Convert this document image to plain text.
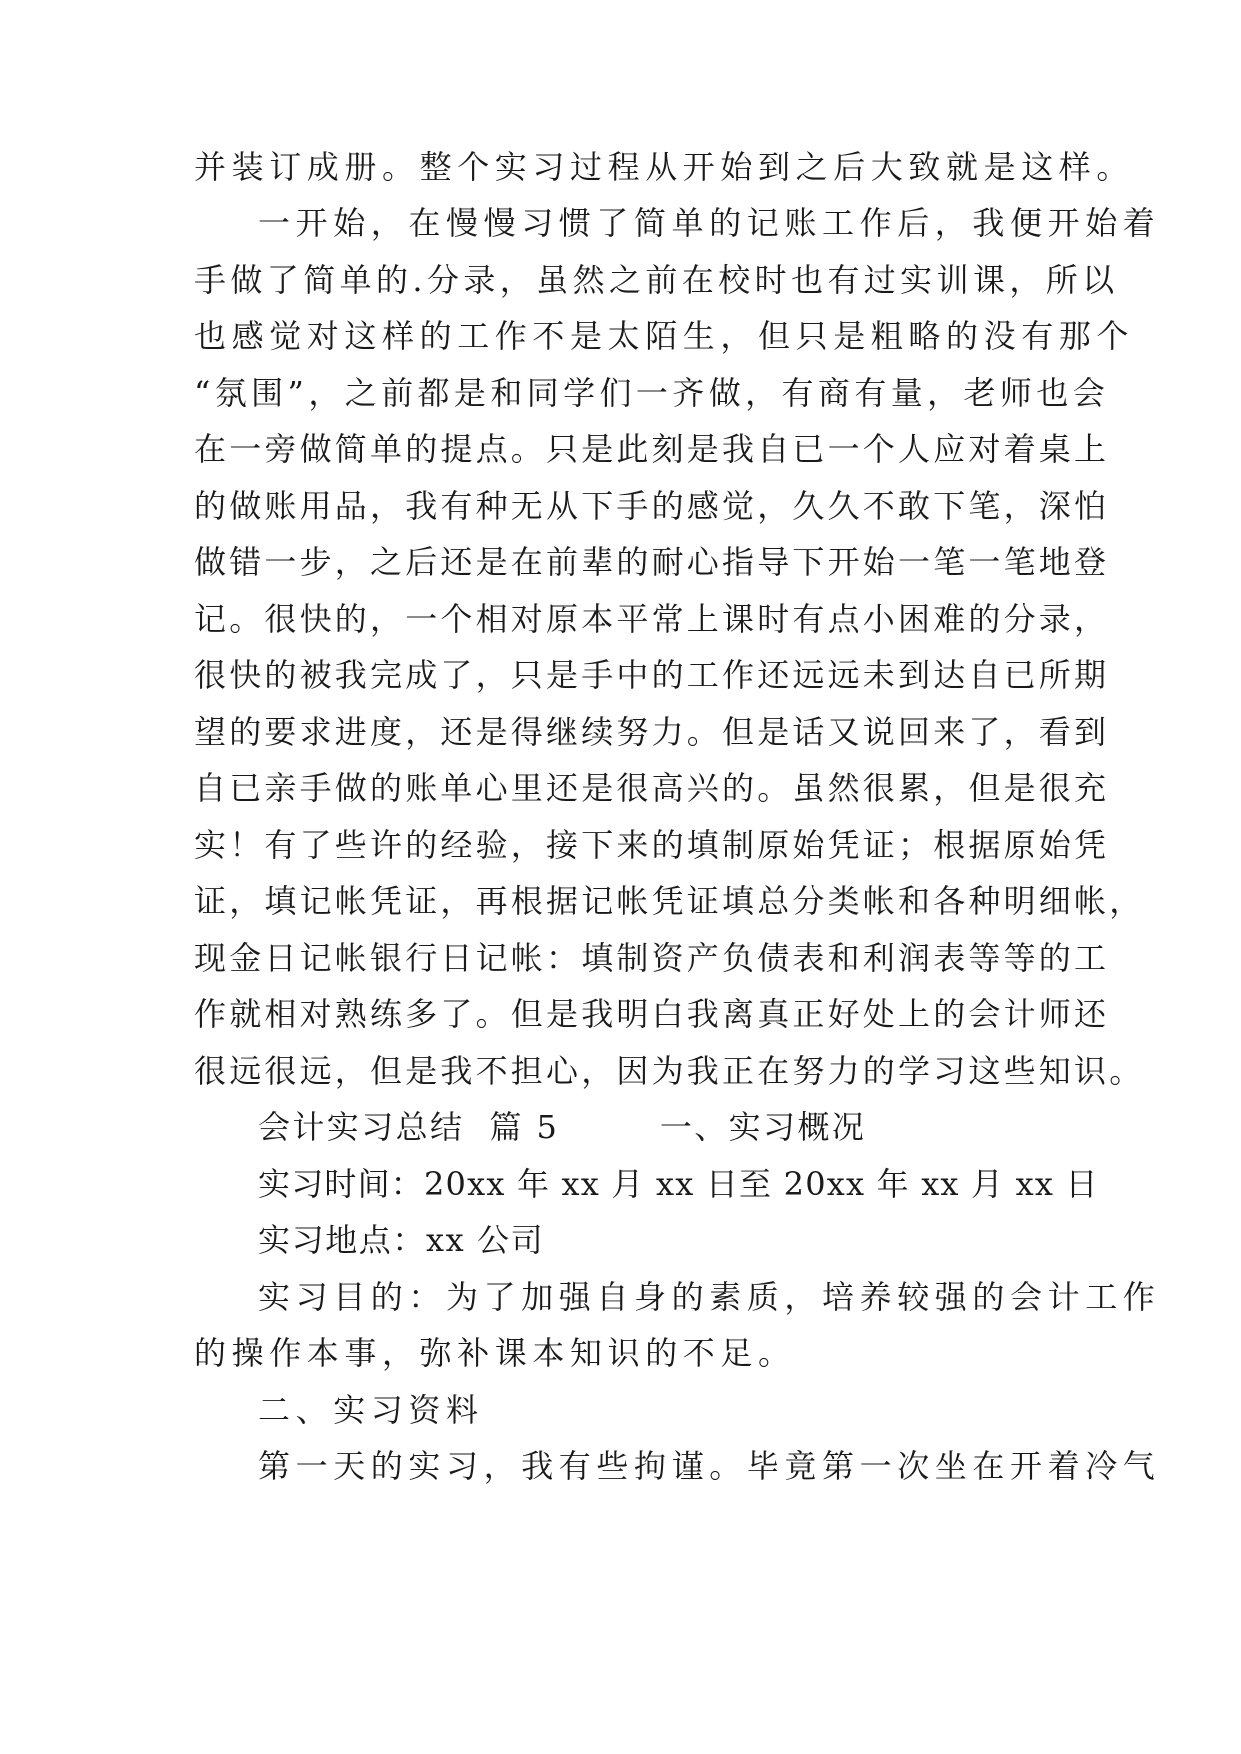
并装订成册。整个实习过程从开始到之后大致就是这样。
一开始，在慢慢习惯了简单的记账工作后，我便开始着
手做了简单的.分录，虽然之前在校时也有过实训课，所以
也感觉对这样的工作不是太陌生，但只是粗略的没有那个
“氛围”，之前都是和同学们一齐做，有商有量，老师也会
在一旁做简单的提点。只是此刻是我自已一个人应对着桌上
的做账用品，我有种无从下手的感觉，久久不敢下笔，深怕
做错一步，之后还是在前辈的耐心指导下开始一笔一笔地登
记。很快的，一个相对原本平常上课时有点小困难的分录，
很快的被我完成了，只是手中的工作还远远未到达自已所期
望的要求进度，还是得继续努力。但是话又说回来了，看到
自已亲手做的账单心里还是很高兴的。虽然很累，但是很充
实！有了些许的经验，接下来的填制原始凭证；根据原始凭
证，填记帐凭证，再根据记帐凭证填总分类帐和各种明细帐，
现金日记帐银行日记帐：填制资产负债表和利润表等等的工
作就相对熟练多了。但是我明白我离真正好处上的会计师还
很远很远，但是我不担心，因为我正在努力的学习这些知识。
会计实习总结  篇 5        一、实习概况
实习时间：20xx 年 xx 月 xx 日至 20xx 年 xx 月 xx 日
实习地点：xx 公司
实习目的：为了加强自身的素质，培养较强的会计工作
的操作本事，弥补课本知识的不足。
二、实习资料
第一天的实习，我有些拘谨。毕竟第一次坐在开着冷气
